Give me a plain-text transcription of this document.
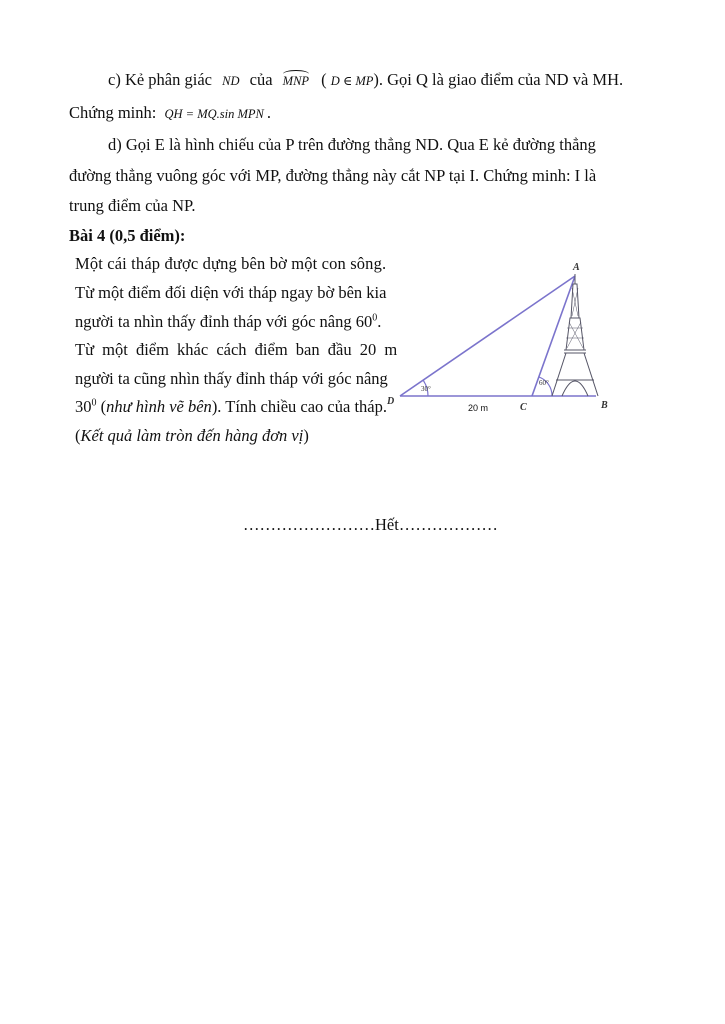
c) Kẻ phân giác ND của MNP ( D ∈ MP). Gọi Q là giao điểm của ND và MH.
Chứng minh: QH = MQ.sin MPN .
d) Gọi E là hình chiếu của P trên đường thẳng ND. Qua E kẻ đường thẳng
đường thẳng vuông góc với MP, đường thẳng này cắt NP tại I. Chứng minh: I là
trung điểm của NP.
Bài 4 (0,5 điểm):
Một cái tháp được dựng bên bờ một con sông.
Từ một điểm đối diện với tháp ngay bờ bên kia
người ta nhìn thấy đỉnh tháp với góc nâng $60^0$.
Từ một điểm khác cách điểm ban đầu 20 m
người ta cũng nhìn thấy đỉnh tháp với góc nâng
$30^0$ (như hình vẽ bên). Tính chiều cao của tháp.
(Kết quả làm tròn đến hàng đơn vị)
A
D
C	B
30°
60°
20 m
……………………Hết………………
